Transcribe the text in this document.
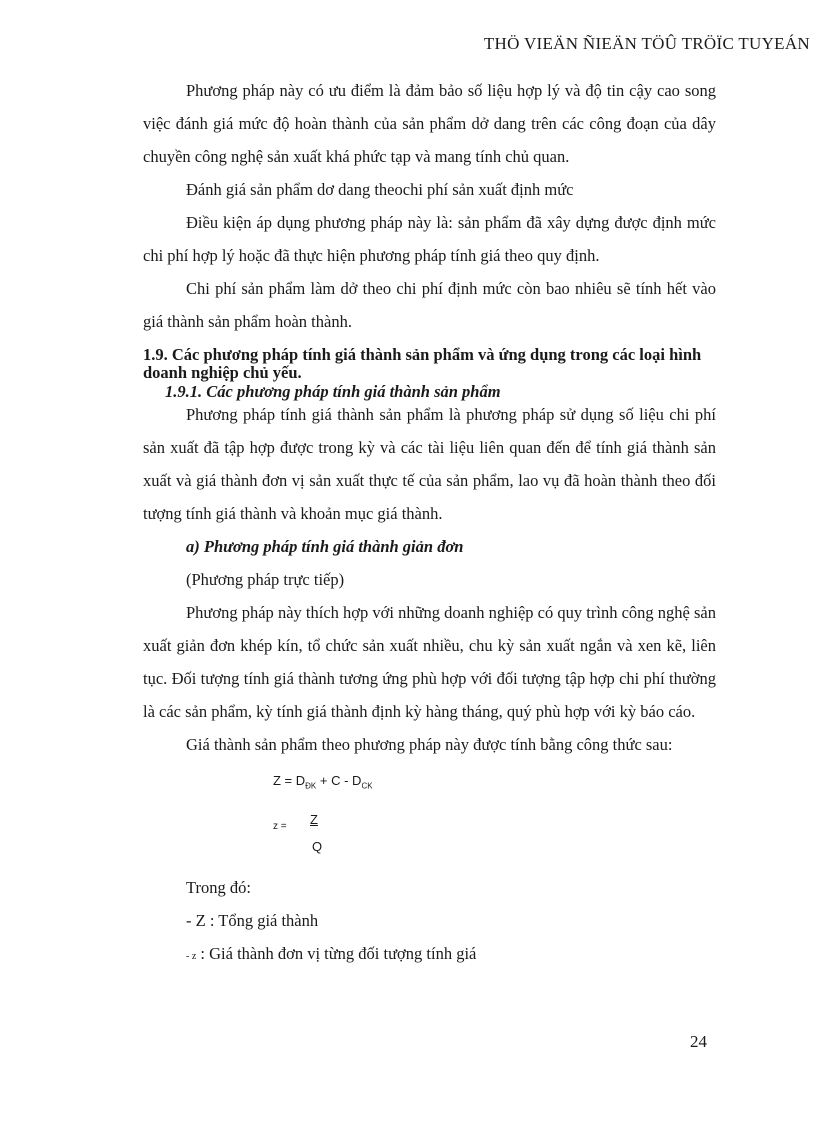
THÖ VIEÄN ÑIEÄN TÖÛ TRÖÏC TUYEÁN

Phương pháp này có ưu điểm là đảm bảo số liệu hợp lý và độ tin cậy cao song việc đánh giá mức độ hoàn thành của sản phẩm dở dang trên các công đoạn của dây chuyền công nghệ sản xuất khá phức tạp và mang tính chủ quan.

Đánh giá sản phẩm dơ dang theochi phí sản xuất định mức

Điều kiện áp dụng phương pháp này là: sản phẩm đã xây dựng được định mức chi phí hợp lý hoặc đã thực hiện phương pháp tính giá theo quy định.

Chi phí sản phẩm làm dở theo chi phí định mức còn bao nhiêu sẽ tính hết vào giá thành sản phẩm hoàn thành.

1.9. Các phương pháp tính giá thành sản phẩm và ứng dụng trong các loại hình doanh nghiệp chủ yếu.

1.9.1. Các phương pháp tính giá thành sản phẩm

Phương pháp tính giá thành sản phẩm là phương pháp sử dụng số liệu chi phí sản xuất đã tập hợp được trong kỳ và các tài liệu liên quan đến để tính giá thành sản xuất và giá thành đơn vị sản xuất thực tế của sản phẩm, lao vụ đã hoàn thành theo đối tượng tính giá thành và khoản mục giá thành.

a) Phương pháp tính giá thành giản đơn

(Phương pháp trực tiếp)

Phương pháp này thích hợp với những doanh nghiệp có quy trình công nghệ sản xuất giản đơn khép kín, tổ chức sản xuất nhiều, chu kỳ sản xuất ngắn và xen kẽ, liên tục. Đối tượng tính giá thành tương ứng phù hợp với đối tượng tập hợp chi phí thường là các sản phẩm, kỳ tính giá thành định kỳ hàng tháng, quý phù hợp với kỳ báo cáo.

Giá thành sản phẩm theo phương pháp này được tính bằng công thức sau:

$Z = D_{ĐK} + C - D_{CK}$
z = Z
Q

Trong đó:

- Z : Tổng giá thành

- z : Giá thành đơn vị từng đối tượng tính giá

24
